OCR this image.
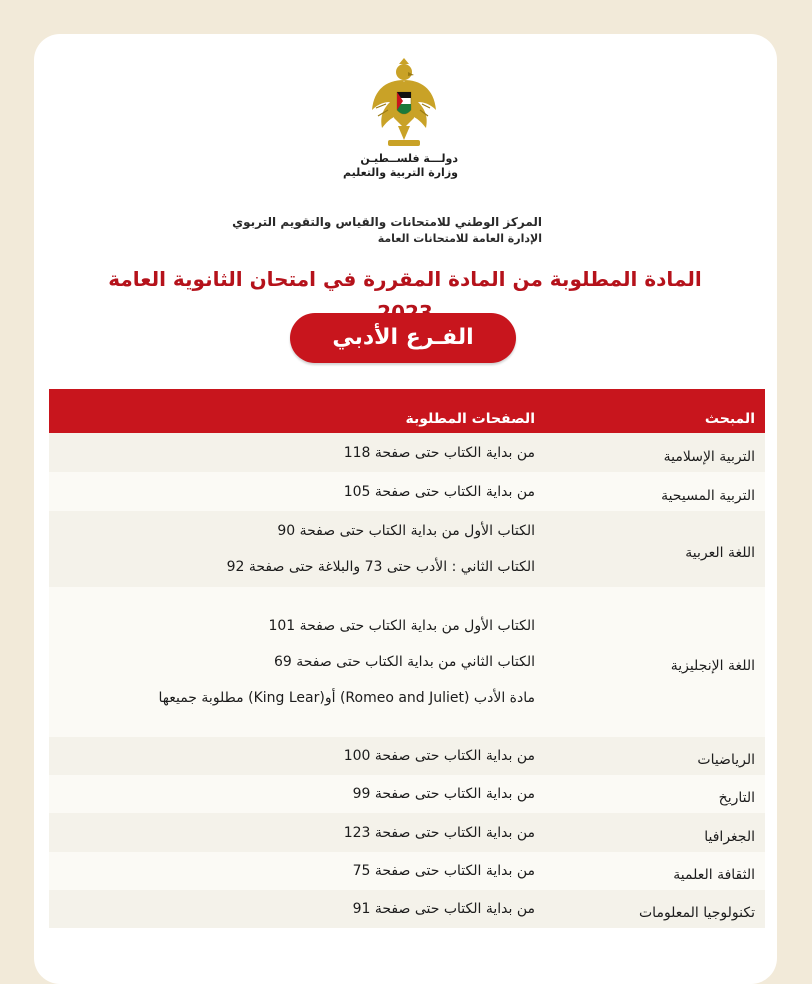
دولـــة فلســطيـن
وزارة التربية والتعليم
المركز الوطني للامتحانات والقياس والتقويم التربوي
الإدارة العامة للامتحانات العامة
المادة المطلوبة من المادة المقررة في امتحان الثانوية العامة
الفـرع الأدبي
المبحث	الصفحات المطلوبة
التربية الإسلامية	من بداية الكتاب حتى صفحة 118

التربية المسيحية	من بداية الكتاب حتى صفحة 105

اللغة العربية	الكتاب الأول من بداية الكتاب حتى صفحة 90
الكتاب الثاني : الأدب حتى 73 والبلاغة حتى صفحة 92

اللغة الإنجليزية	الكتاب الأول من بداية الكتاب حتى صفحة 101
الكتاب الثاني من بداية الكتاب حتى صفحة 69
مادة الأدب (Romeo and Juliet) أو(King Lear) مطلوبة جميعها

الرياضيات	من بداية الكتاب حتى صفحة 100

التاريخ	من بداية الكتاب حتى صفحة 99

الجغرافيا	من بداية الكتاب حتى صفحة 123

الثقافة العلمية	من بداية الكتاب حتى صفحة 75

تكنولوجيا المعلومات	من بداية الكتاب حتى صفحة 91
